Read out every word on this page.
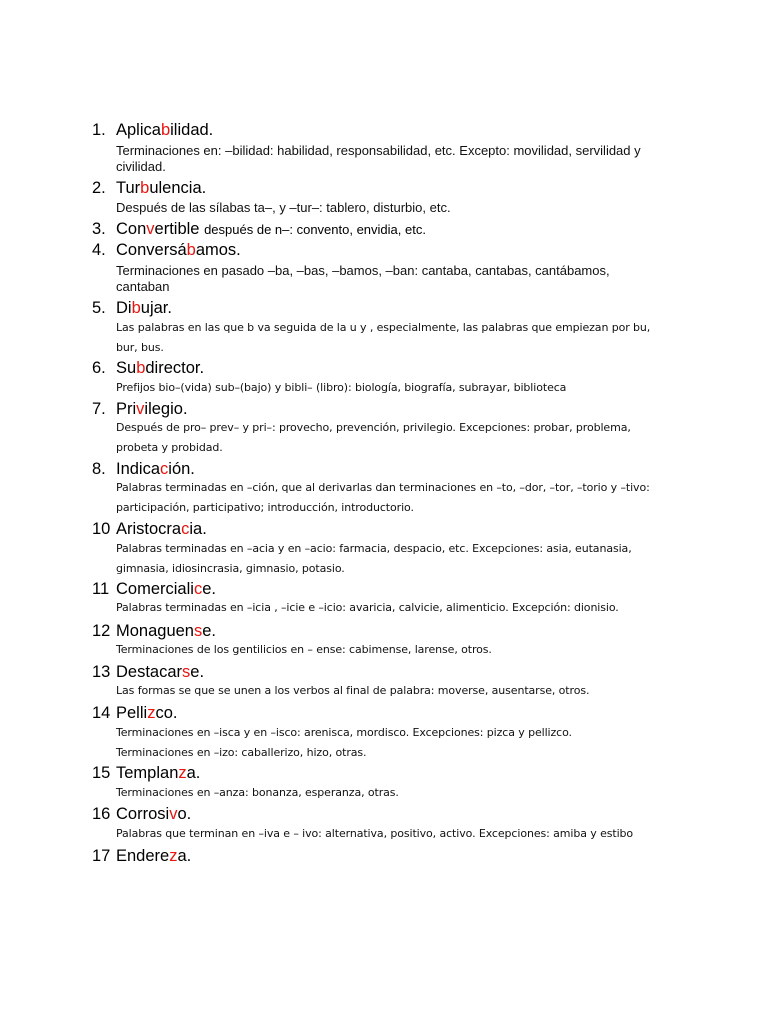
1. Aplicabilidad.
Terminaciones en: –bilidad: habilidad, responsabilidad, etc. Excepto: movilidad, servilidad y
civilidad.
2. Turbulencia.
Después de las sílabas ta–, y –tur–: tablero, disturbio, etc.
3. Convertible después de n–: convento, envidia, etc.
4. Conversábamos.
Terminaciones en pasado –ba, –bas, –bamos, –ban: cantaba, cantabas, cantábamos,
cantaban
5. Dibujar.
Las palabras en las que b va seguida de la u y , especialmente, las palabras que empiezan por bu,
bur, bus.
6. Subdirector.
Prefijos bio–(vida) sub–(bajo) y bibli– (libro): biología, biografía, subrayar, biblioteca
7. Privilegio.
Después de pro– prev– y pri–: provecho, prevención, privilegio. Excepciones: probar, problema,
probeta y probidad.
8. Indicación.
Palabras terminadas en –ción, que al derivarlas dan terminaciones en –to, –dor, –tor, –torio y –tivo:
participación, participativo; introducción, introductorio.
10 Aristocracia.
Palabras terminadas en –acia y en –acio: farmacia, despacio, etc. Excepciones: asia, eutanasia,
gimnasia, idiosincrasia, gimnasio, potasio.
11 Comercialice.
Palabras terminadas en –icia , –icie e –icio: avaricia, calvicie, alimenticio. Excepción: dionisio.
12 Monaguense.
Terminaciones de los gentilicios en – ense: cabimense, larense, otros.
13 Destacarse.
Las formas se que se unen a los verbos al final de palabra: moverse, ausentarse, otros.
14 Pellizco.
Terminaciones en –isca y en –isco: arenisca, mordisco. Excepciones: pizca y pellizco.
Terminaciones en –izo: caballerizo, hizo, otras.
15 Templanza.
Terminaciones en –anza: bonanza, esperanza, otras.
16 Corrosivo.
Palabras que terminan en –iva e – ivo: alternativa, positivo, activo. Excepciones: amiba y estibo
17 Endereza.
